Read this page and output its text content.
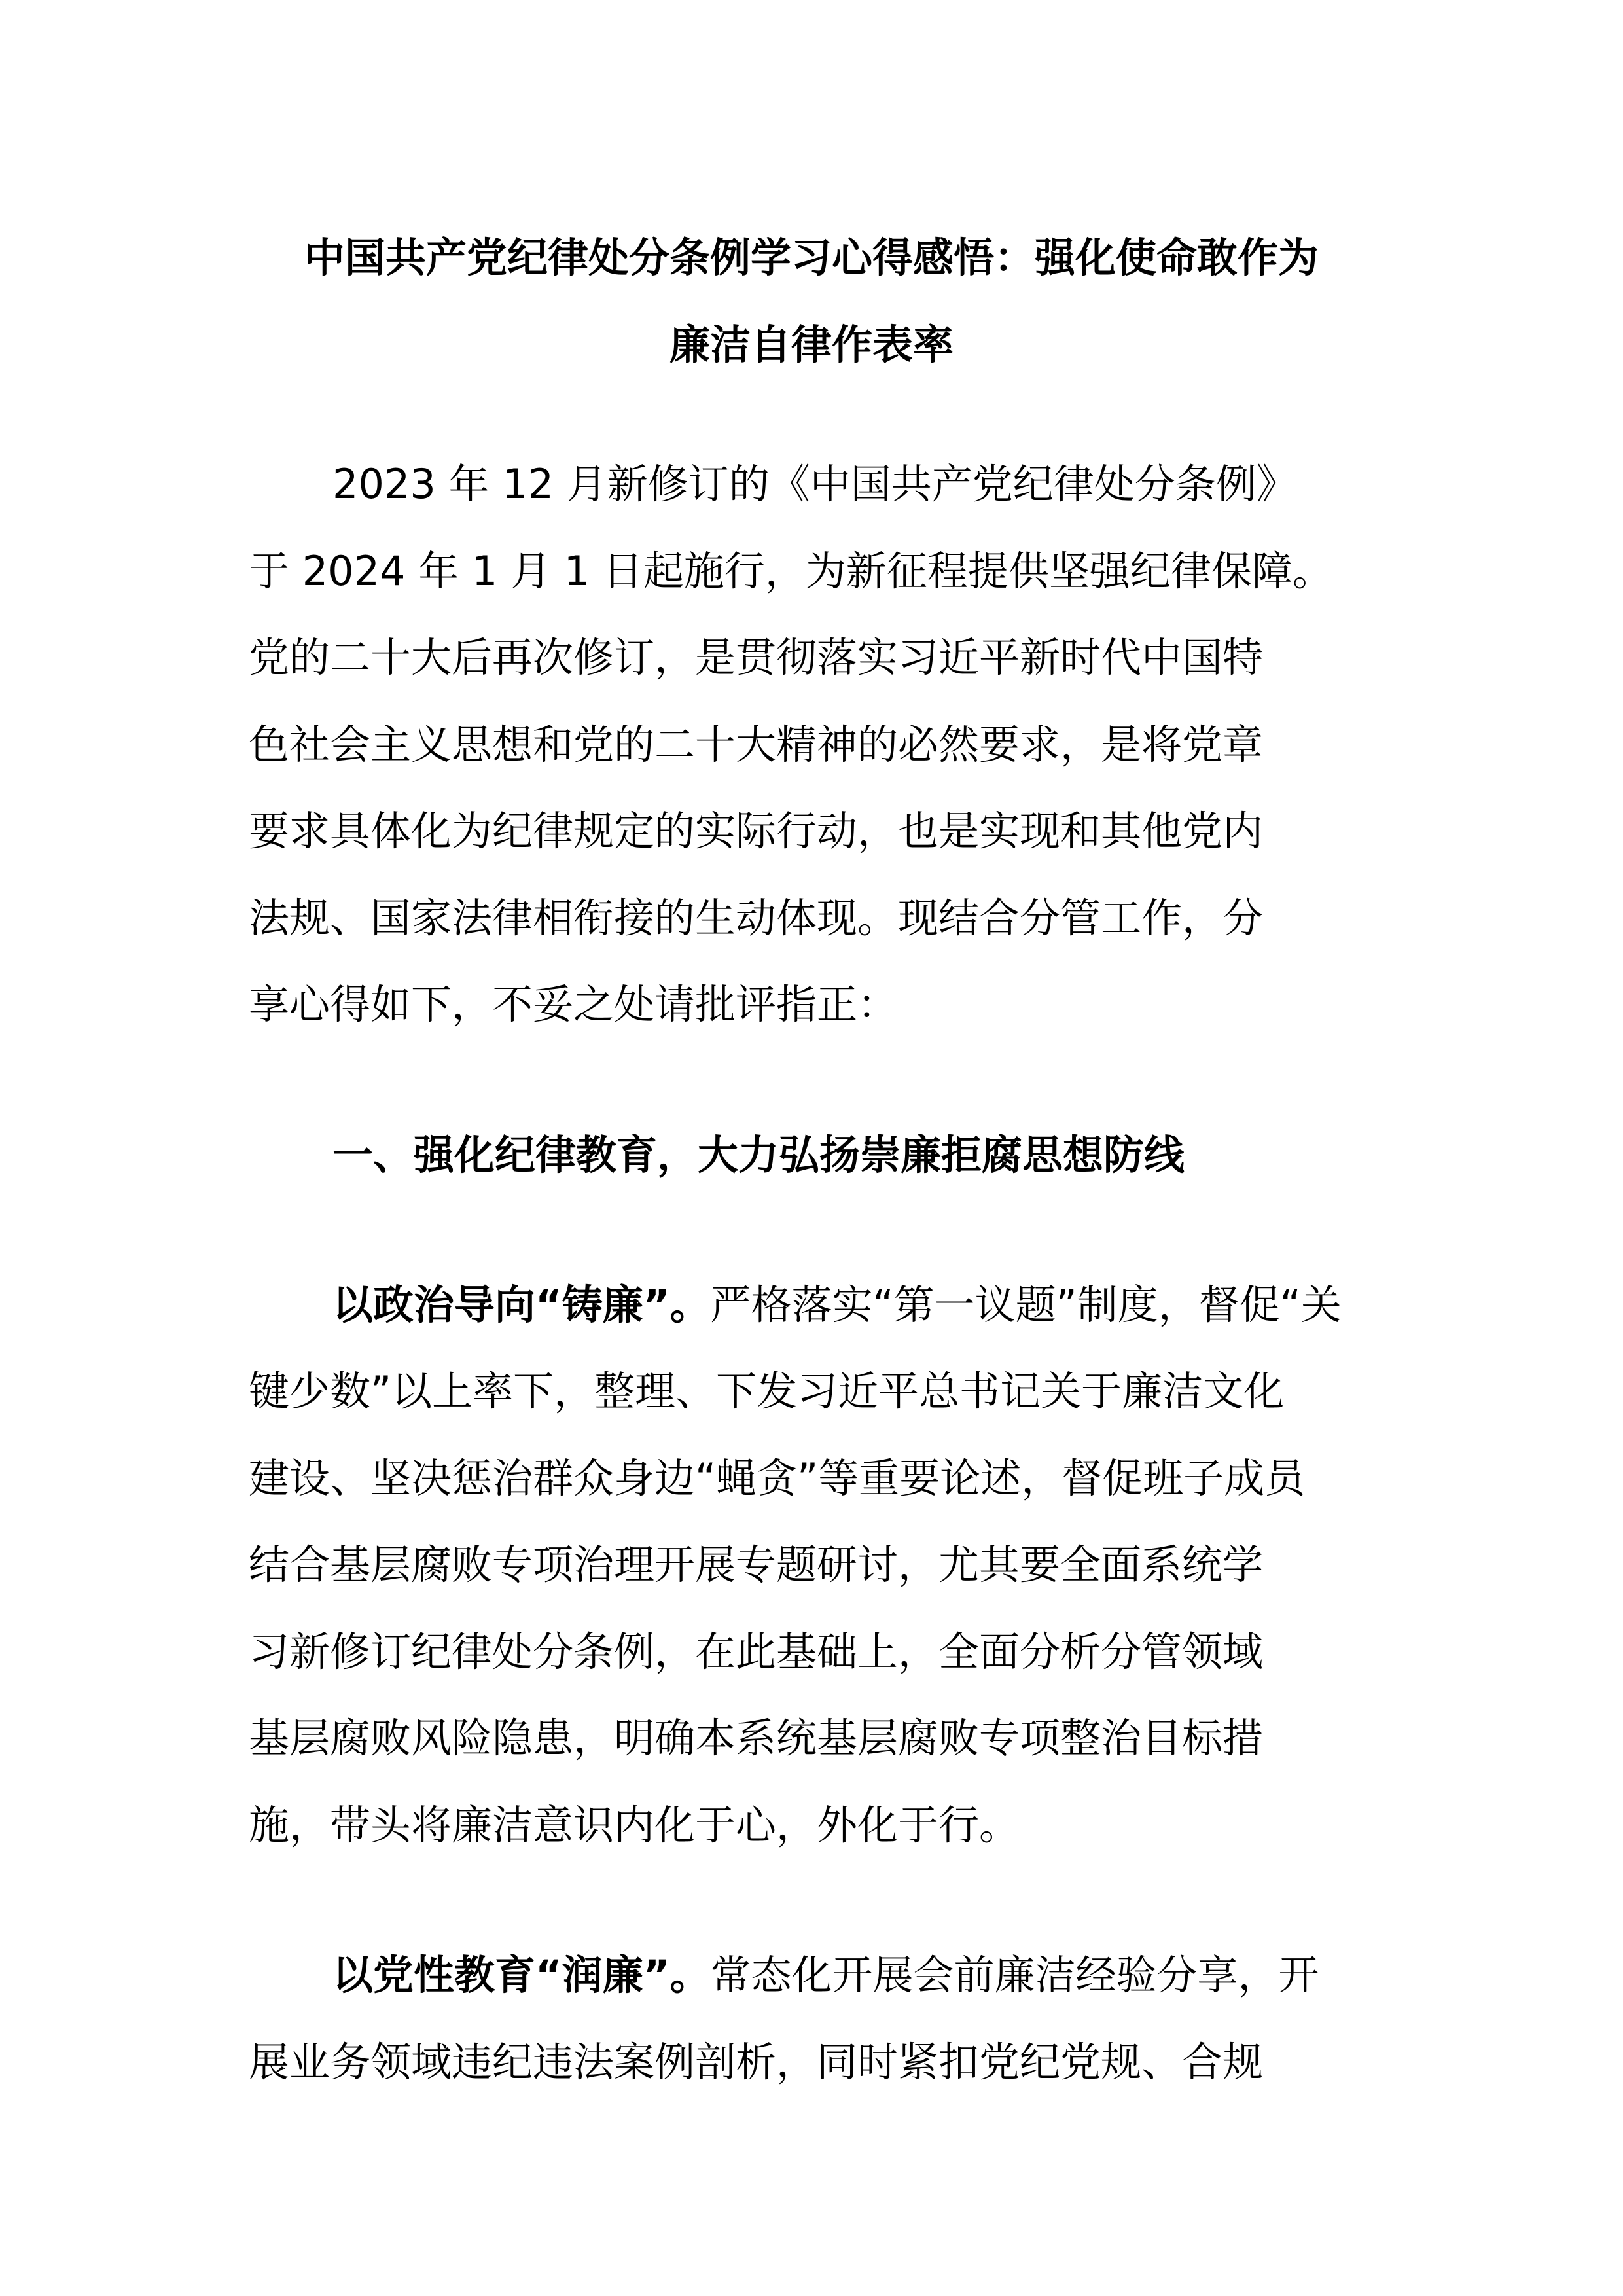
中国共产党纪律处分条例学习心得感悟：强化使命敢作为
廉洁自律作表率

2023 年 12 月新修订的《中国共产党纪律处分条例》

于 2024 年 1 月 1 日起施行，为新征程提供坚强纪律保障。

党的二十大后再次修订，是贯彻落实习近平新时代中国特

色社会主义思想和党的二十大精神的必然要求，是将党章

要求具体化为纪律规定的实际行动，也是实现和其他党内

法规、国家法律相衔接的生动体现。现结合分管工作，分

享心得如下，不妥之处请批评指正：

一、强化纪律教育，大力弘扬崇廉拒腐思想防线

以政治导向“铸廉”。严格落实“第一议题”制度，督促“关

键少数”以上率下，整理、下发习近平总书记关于廉洁文化

建设、坚决惩治群众身边“蝇贪”等重要论述，督促班子成员

结合基层腐败专项治理开展专题研讨，尤其要全面系统学

习新修订纪律处分条例，在此基础上，全面分析分管领域

基层腐败风险隐患，明确本系统基层腐败专项整治目标措

施，带头将廉洁意识内化于心，外化于行。

以党性教育“润廉”。常态化开展会前廉洁经验分享，开

展业务领域违纪违法案例剖析，同时紧扣党纪党规、合规
